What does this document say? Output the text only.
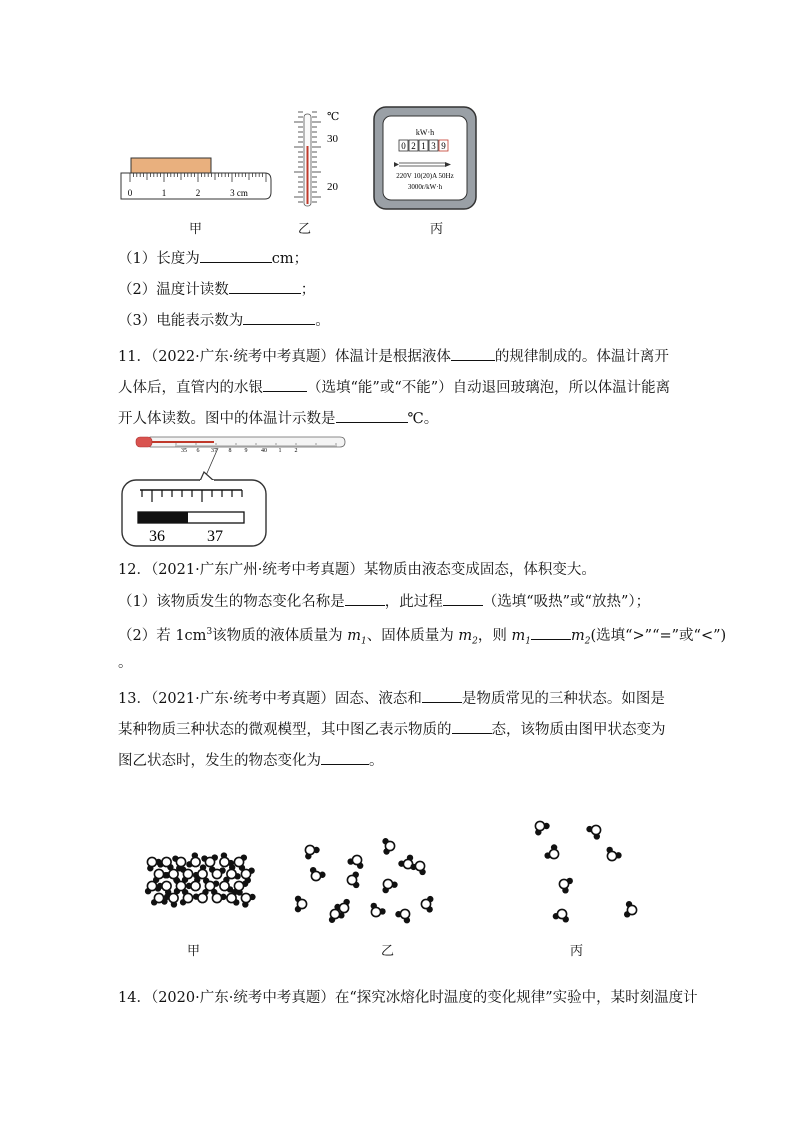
0	1	2	3 cm
℃
30
20
kW·h
0 2 1 3 9
220V 10(20)A 50Hz
3000r/kW·h
甲	乙	丙
（1）长度为	cm；
（2）温度计读数	；
（3）电能表示数为	。
11．（2022·广东·统考中考真题）体温计是根据液体	的规律制成的。体温计离开人体后，直管内的水银	（选填“能”或“不能”）自动退回玻璃泡，所以体温计能离开人体读数。图中的体温计示数是	℃。
35 6 37 8 9 40 1 2
36	37
12．（2021·广东广州·统考中考真题）某物质由液态变成固态，体积变大。
（1）该物质发生的物态变化名称是	，此过程	（选填“吸热”或“放热”）；
（2）若 $1cm^3$该物质的液体质量为 $m_1$、固体质量为 $m_2$，则 $m_1$	$m_2$(选填“>”“=”或“<”)
。
13．（2021·广东·统考中考真题）固态、液态和	是物质常见的三种状态。如图是某种物质三种状态的微观模型，其中图乙表示物质的	态，该物质由图甲状态变为图乙状态时，发生的物态变化为	。
甲	乙	丙
14．（2020·广东·统考中考真题）在“探究冰熔化时温度的变化规律”实验中，某时刻温度计
